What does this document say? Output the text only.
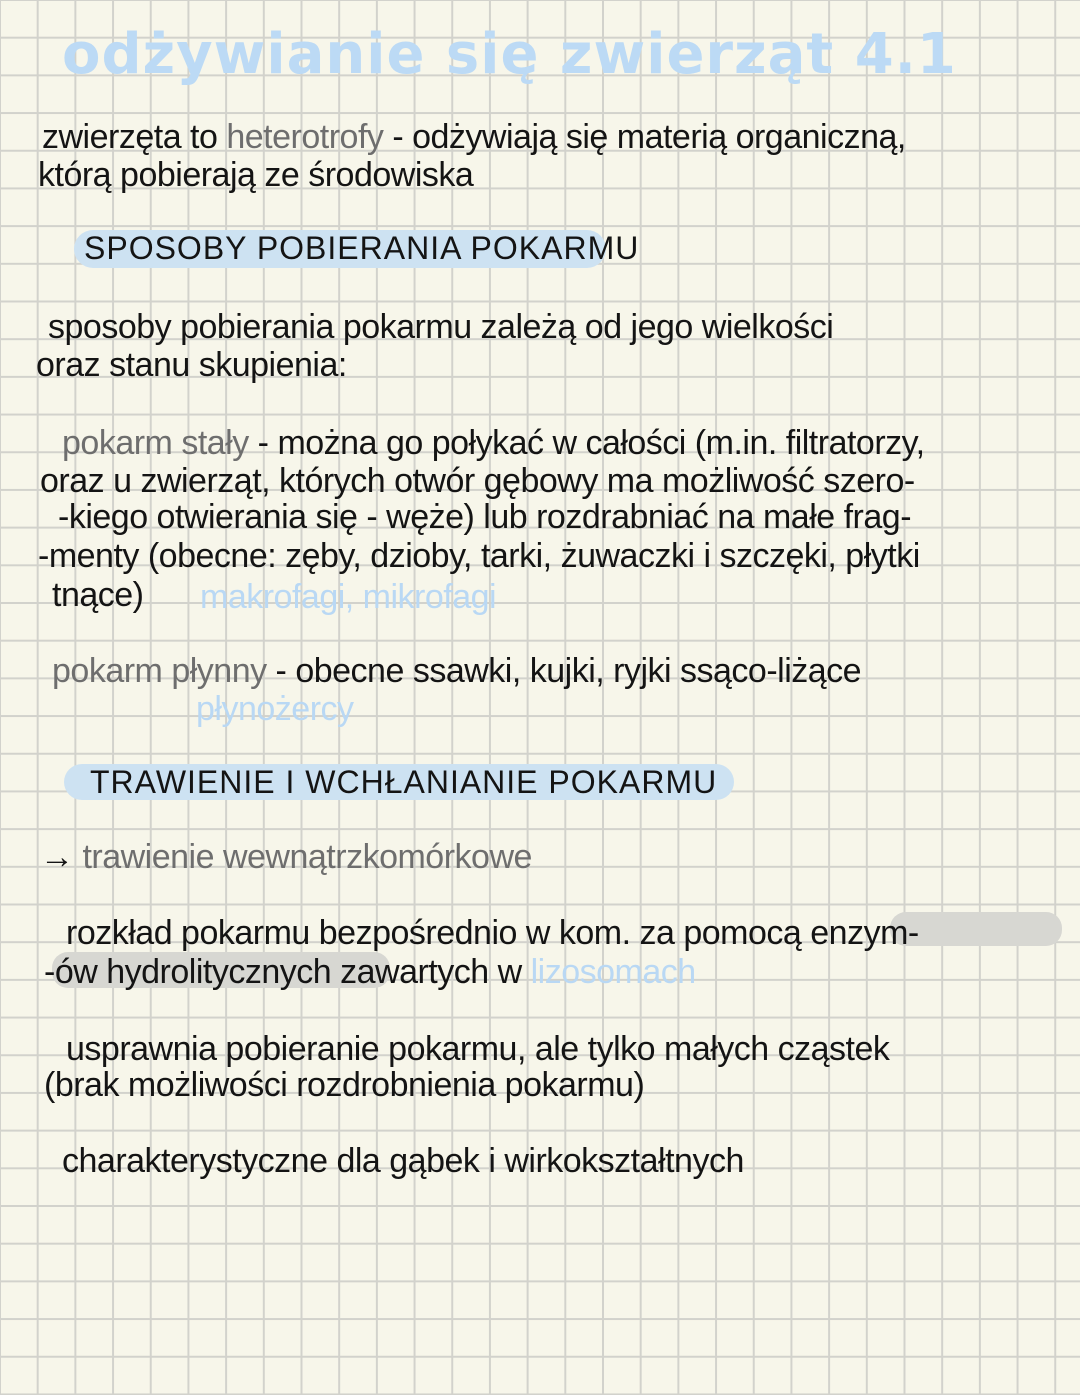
odżywianie się zwierząt 4.1
zwierzęta to heterotrofy - odżywiają się materią organiczną,
którą pobierają ze środowiska
SPOSOBY POBIERANIA POKARMU
sposoby pobierania pokarmu zależą od jego wielkości
oraz stanu skupienia:
pokarm stały - można go połykać w całości (m.in. filtratorzy,
oraz u zwierząt, których otwór gębowy ma możliwość szero-
-kiego otwierania się - węże) lub rozdrabniać na małe frag-
-menty (obecne: zęby, dzioby, tarki, żuwaczki i szczęki, płytki
tnące) makrofagi, mikrofagi
pokarm płynny - obecne ssawki, kujki, ryjki ssąco-liżące
płynożercy
TRAWIENIE I WCHŁANIANIE POKARMU
→ trawienie wewnątrzkomórkowe
rozkład pokarmu bezpośrednio w kom. za pomocą enzym-
-ów hydrolitycznych zawartych w lizosomach
usprawnia pobieranie pokarmu, ale tylko małych cząstek
(brak możliwości rozdrobnienia pokarmu)
charakterystyczne dla gąbek i wirkokształtnych
